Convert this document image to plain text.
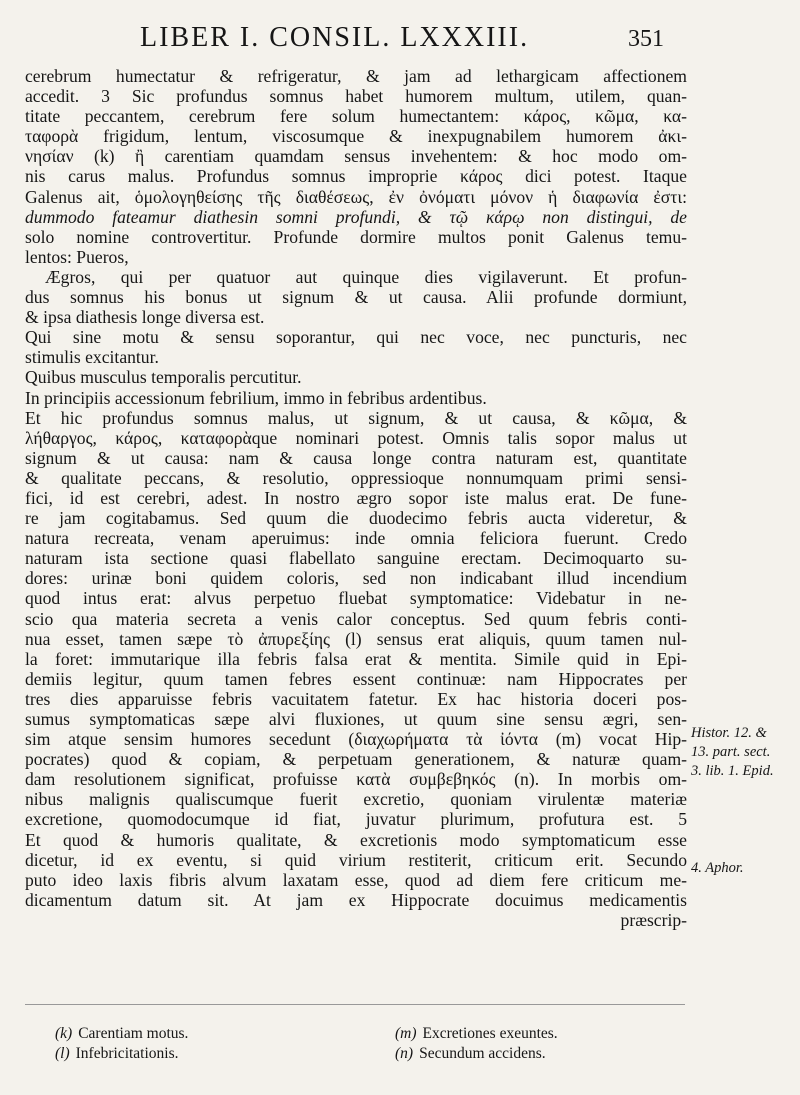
LIBER I. CONSIL. LXXXIII.	351
cerebrum humectatur & refrigeratur, & jam ad lethargicam affectionem
accedit. 3 Sic profundus somnus habet humorem multum, utilem, quan-
titate peccantem, cerebrum fere solum humectantem: κάρος, κῶμα, κα-
ταφορὰ frigidum, lentum, viscosumque & inexpugnabilem humorem ἀκι-
νησίαν (k) ἢ carentiam quamdam sensus invehentem: & hoc modo om-
nis carus malus. Profundus somnus improprie κάρος dici potest. Itaque
Galenus ait, ὁμολογηθείσης τῆς διαθέσεως, ἐν ὀνόματι μόνον ἡ διαφωνία ἐστι:
dummodo fateamur diathesin somni profundi, & τῷ κάρῳ non distingui, de
solo nomine controvertitur. Profunde dormire multos ponit Galenus temu-
lentos: Pueros,
Ægros, qui per quatuor aut quinque dies vigilaverunt. Et profun-
dus somnus his bonus ut signum & ut causa. Alii profunde dormiunt,
& ipsa diathesis longe diversa est.
Qui sine motu & sensu soporantur, qui nec voce, nec puncturis, nec
stimulis excitantur.
Quibus musculus temporalis percutitur.
In principiis accessionum febrilium, immo in febribus ardentibus.
Et hic profundus somnus malus, ut signum, & ut causa, & κῶμα, &
λήθαργος, κάρος, καταφορὰque nominari potest. Omnis talis sopor malus ut
signum & ut causa: nam & causa longe contra naturam est, quantitate
& qualitate peccans, & resolutio, oppressioque nonnumquam primi sensi-
fici, id est cerebri, adest. In nostro ægro sopor iste malus erat. De fune-
re jam cogitabamus. Sed quum die duodecimo febris aucta videretur, &
natura recreata, venam aperuimus: inde omnia feliciora fuerunt. Credo
naturam ista sectione quasi flabellato sanguine erectam. Decimoquarto su-
dores: urinæ boni quidem coloris, sed non indicabant illud incendium
quod intus erat: alvus perpetuo fluebat symptomatice: Videbatur in ne-
scio qua materia secreta a venis calor conceptus. Sed quum febris conti-
nua esset, tamen sæpe τὸ ἀπυρεξίης (l) sensus erat aliquis, quum tamen nul-
la foret: immutarique illa febris falsa erat & mentita. Simile quid in Epi-
demiis legitur, quum tamen febres essent continuæ: nam Hippocrates per
tres dies apparuisse febris vacuitatem fatetur. Ex hac historia doceri pos-
sumus symptomaticas sæpe alvi fluxiones, ut quum sine sensu ægri, sen-
sim atque sensim humores secedunt (διαχωρήματα τὰ ἰόντα (m) vocat Hip-
pocrates) quod & copiam, & perpetuam generationem, & naturæ quam-
dam resolutionem significat, profuisse κατὰ συμβεβηκός (n). In morbis om-
nibus malignis qualiscumque fuerit excretio, quoniam virulentæ materiæ
excretione, quomodocumque id fiat, juvatur plurimum, profutura est. 5
Et quod & humoris qualitate, & excretionis modo symptomaticum esse
dicetur, id ex eventu, si quid virium restiterit, criticum erit. Secundo
puto ideo laxis fibris alvum laxatam esse, quod ad diem fere criticum me-
dicamentum datum sit. At jam ex Hippocrate docuimus medicamentis
præscrip-
Histor. 12. &
13. part. sect.
3. lib. 1. Epid.
4. Aphor.
(k) Carentiam motus.
(l) Infebricitationis.
(m) Excretiones exeuntes.
(n) Secundum accidens.
